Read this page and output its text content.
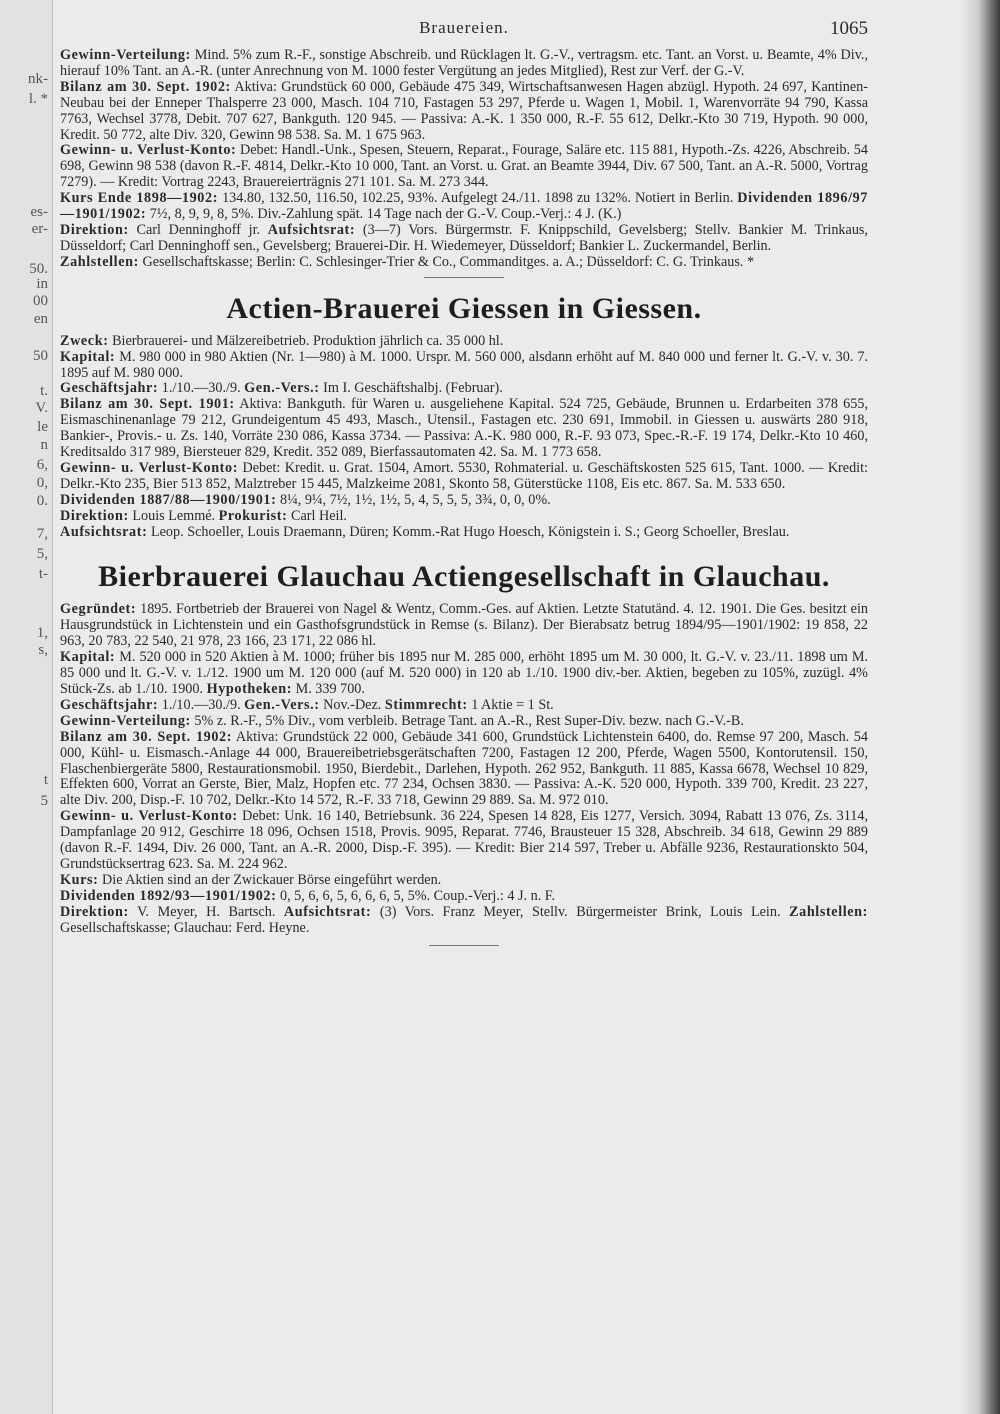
nk-
l. *
es-
er-
50.
in
00
en
50
t.
V.
le
n
6,
0,
0.
7,
5,
t-
1,
s,
t
5
Brauereien.	1065

Gewinn-Verteilung: Mind. 5% zum R.-F., sonstige Abschreib. und Rücklagen lt. G.-V., vertragsm. etc. Tant. an Vorst. u. Beamte, 4% Div., hierauf 10% Tant. an A.-R. (unter Anrechnung von M. 1000 fester Vergütung an jedes Mitglied), Rest zur Verf. der G.-V.

Bilanz am 30. Sept. 1902: Aktiva: Grundstück 60 000, Gebäude 475 349, Wirtschaftsanwesen Hagen abzügl. Hypoth. 24 697, Kantinen-Neubau bei der Enneper Thalsperre 23 000, Masch. 104 710, Fastagen 53 297, Pferde u. Wagen 1, Mobil. 1, Warenvorräte 94 790, Kassa 7763, Wechsel 3778, Debit. 707 627, Bankguth. 120 945. — Passiva: A.-K. 1 350 000, R.-F. 55 612, Delkr.-Kto 30 719, Hypoth. 90 000, Kredit. 50 772, alte Div. 320, Gewinn 98 538. Sa. M. 1 675 963.

Gewinn- u. Verlust-Konto: Debet: Handl.-Unk., Spesen, Steuern, Reparat., Fourage, Saläre etc. 115 881, Hypoth.-Zs. 4226, Abschreib. 54 698, Gewinn 98 538 (davon R.-F. 4814, Delkr.-Kto 10 000, Tant. an Vorst. u. Grat. an Beamte 3944, Div. 67 500, Tant. an A.-R. 5000, Vortrag 7279). — Kredit: Vortrag 2243, Brauereierträgnis 271 101. Sa. M. 273 344.

Kurs Ende 1898—1902: 134.80, 132.50, 116.50, 102.25, 93%. Aufgelegt 24./11. 1898 zu 132%. Notiert in Berlin. Dividenden 1896/97—1901/1902: 7½, 8, 9, 9, 8, 5%. Div.-Zahlung spät. 14 Tage nach der G.-V. Coup.-Verj.: 4 J. (K.)

Direktion: Carl Denninghoff jr. Aufsichtsrat: (3—7) Vors. Bürgermstr. F. Knippschild, Gevelsberg; Stellv. Bankier M. Trinkaus, Düsseldorf; Carl Denninghoff sen., Gevelsberg; Brauerei-Dir. H. Wiedemeyer, Düsseldorf; Bankier L. Zuckermandel, Berlin.

Zahlstellen: Gesellschaftskasse; Berlin: C. Schlesinger-Trier & Co., Commanditges. a. A.; Düsseldorf: C. G. Trinkaus. *

Actien-Brauerei Giessen in Giessen.

Zweck: Bierbrauerei- und Mälzereibetrieb. Produktion jährlich ca. 35 000 hl.

Kapital: M. 980 000 in 980 Aktien (Nr. 1—980) à M. 1000. Urspr. M. 560 000, alsdann erhöht auf M. 840 000 und ferner lt. G.-V. v. 30. 7. 1895 auf M. 980 000.

Geschäftsjahr: 1./10.—30./9. Gen.-Vers.: Im I. Geschäftshalbj. (Februar).

Bilanz am 30. Sept. 1901: Aktiva: Bankguth. für Waren u. ausgeliehene Kapital. 524 725, Gebäude, Brunnen u. Erdarbeiten 378 655, Eismaschinenanlage 79 212, Grundeigentum 45 493, Masch., Utensil., Fastagen etc. 230 691, Immobil. in Giessen u. auswärts 280 918, Bankier-, Provis.- u. Zs. 140, Vorräte 230 086, Kassa 3734. — Passiva: A.-K. 980 000, R.-F. 93 073, Spec.-R.-F. 19 174, Delkr.-Kto 10 460, Kreditsaldo 317 989, Biersteuer 829, Kredit. 352 089, Bierfassautomaten 42. Sa. M. 1 773 658.

Gewinn- u. Verlust-Konto: Debet: Kredit. u. Grat. 1504, Amort. 5530, Rohmaterial. u. Geschäftskosten 525 615, Tant. 1000. — Kredit: Delkr.-Kto 235, Bier 513 852, Malztreber 15 445, Malzkeime 2081, Skonto 58, Güterstücke 1108, Eis etc. 867. Sa. M. 533 650.

Dividenden 1887/88—1900/1901: 8¼, 9¼, 7½, 1½, 1½, 5, 4, 5, 5, 5, 3¾, 0, 0, 0%.

Direktion: Louis Lemmé. Prokurist: Carl Heil.

Aufsichtsrat: Leop. Schoeller, Louis Draemann, Düren; Komm.-Rat Hugo Hoesch, Königstein i. S.; Georg Schoeller, Breslau.

Bierbrauerei Glauchau Actiengesellschaft in Glauchau.

Gegründet: 1895. Fortbetrieb der Brauerei von Nagel & Wentz, Comm.-Ges. auf Aktien. Letzte Statutänd. 4. 12. 1901. Die Ges. besitzt ein Hausgrundstück in Lichtenstein und ein Gasthofsgrundstück in Remse (s. Bilanz). Der Bierabsatz betrug 1894/95—1901/1902: 19 858, 22 963, 20 783, 22 540, 21 978, 23 166, 23 171, 22 086 hl.

Kapital: M. 520 000 in 520 Aktien à M. 1000; früher bis 1895 nur M. 285 000, erhöht 1895 um M. 30 000, lt. G.-V. v. 23./11. 1898 um M. 85 000 und lt. G.-V. v. 1./12. 1900 um M. 120 000 (auf M. 520 000) in 120 ab 1./10. 1900 div.-ber. Aktien, begeben zu 105%, zuzügl. 4% Stück-Zs. ab 1./10. 1900. Hypotheken: M. 339 700.

Geschäftsjahr: 1./10.—30./9. Gen.-Vers.: Nov.-Dez. Stimmrecht: 1 Aktie = 1 St.

Gewinn-Verteilung: 5% z. R.-F., 5% Div., vom verbleib. Betrage Tant. an A.-R., Rest Super-Div. bezw. nach G.-V.-B.

Bilanz am 30. Sept. 1902: Aktiva: Grundstück 22 000, Gebäude 341 600, Grundstück Lichtenstein 6400, do. Remse 97 200, Masch. 54 000, Kühl- u. Eismasch.-Anlage 44 000, Brauereibetriebsgerätschaften 7200, Fastagen 12 200, Pferde, Wagen 5500, Kontorutensil. 150, Flaschenbiergeräte 5800, Restaurationsmobil. 1950, Bierdebit., Darlehen, Hypoth. 262 952, Bankguth. 11 885, Kassa 6678, Wechsel 10 829, Effekten 600, Vorrat an Gerste, Bier, Malz, Hopfen etc. 77 234, Ochsen 3830. — Passiva: A.-K. 520 000, Hypoth. 339 700, Kredit. 23 227, alte Div. 200, Disp.-F. 10 702, Delkr.-Kto 14 572, R.-F. 33 718, Gewinn 29 889. Sa. M. 972 010.

Gewinn- u. Verlust-Konto: Debet: Unk. 16 140, Betriebsunk. 36 224, Spesen 14 828, Eis 1277, Versich. 3094, Rabatt 13 076, Zs. 3114, Dampfanlage 20 912, Geschirre 18 096, Ochsen 1518, Provis. 9095, Reparat. 7746, Brausteuer 15 328, Abschreib. 34 618, Gewinn 29 889 (davon R.-F. 1494, Div. 26 000, Tant. an A.-R. 2000, Disp.-F. 395). — Kredit: Bier 214 597, Treber u. Abfälle 9236, Restaurationskto 504, Grundstücksertrag 623. Sa. M. 224 962.

Kurs: Die Aktien sind an der Zwickauer Börse eingeführt werden.

Dividenden 1892/93—1901/1902: 0, 5, 6, 6, 5, 6, 6, 6, 5, 5%. Coup.-Verj.: 4 J. n. F.

Direktion: V. Meyer, H. Bartsch. Aufsichtsrat: (3) Vors. Franz Meyer, Stellv. Bürgermeister Brink, Louis Lein. Zahlstellen: Gesellschaftskasse; Glauchau: Ferd. Heyne.
